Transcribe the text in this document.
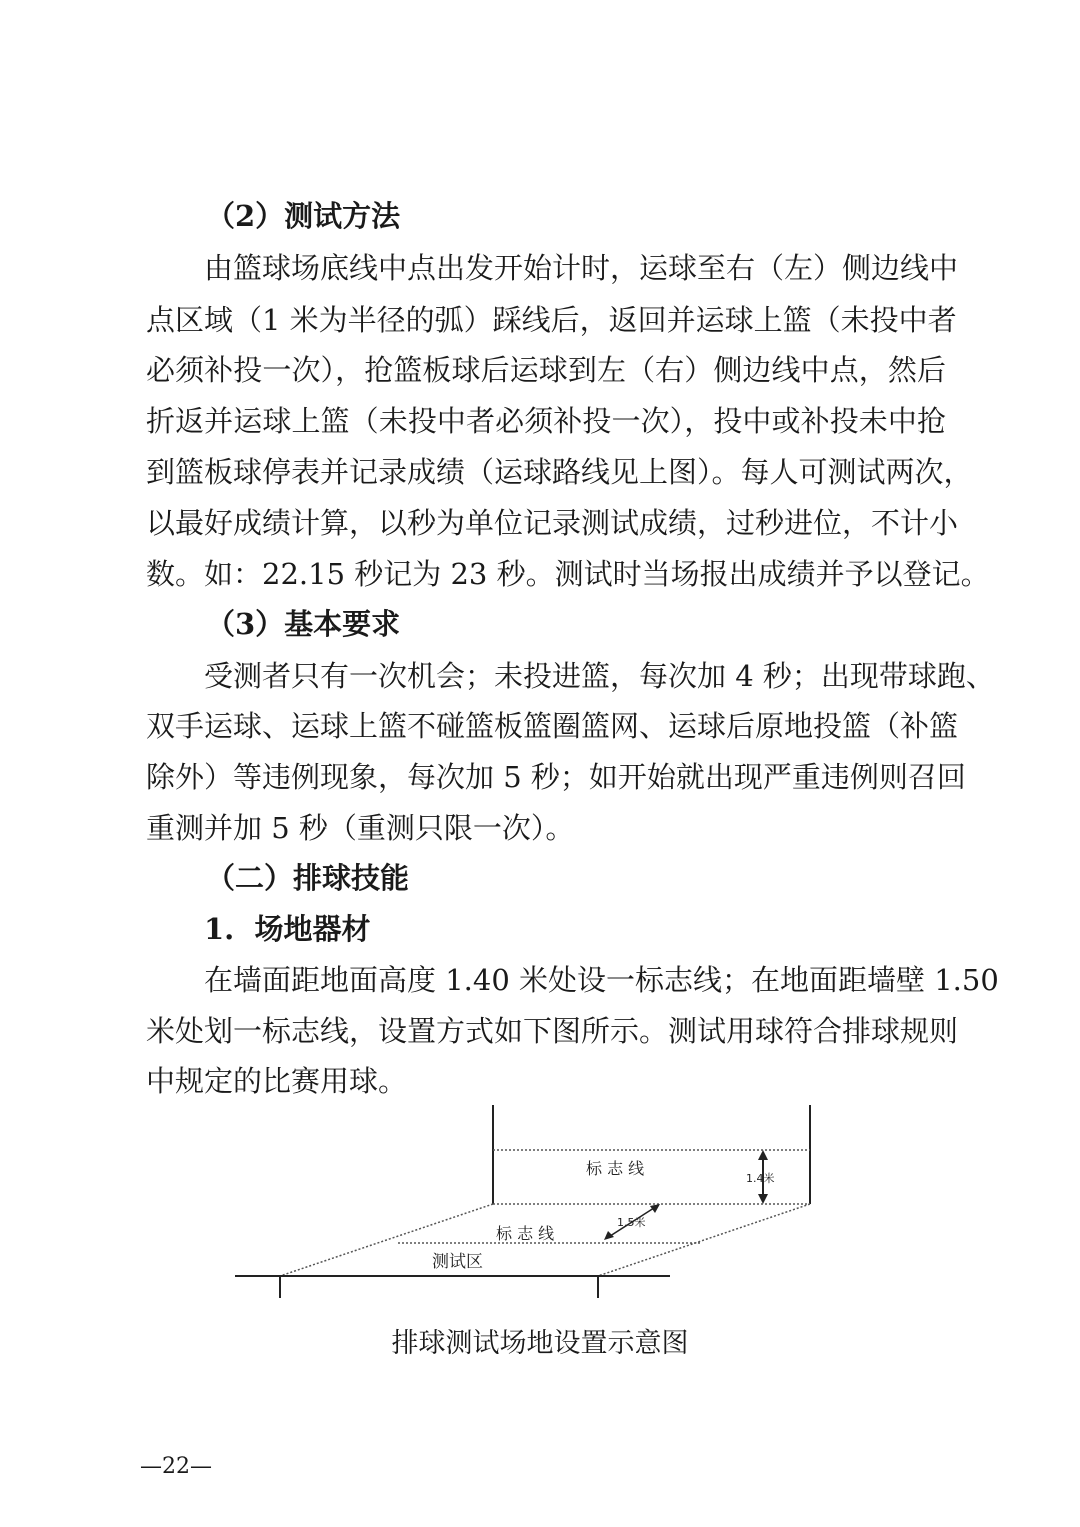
（2）测试方法
由篮球场底线中点出发开始计时，运球至右（左）侧边线中
点区域（1 米为半径的弧）踩线后，返回并运球上篮（未投中者
必须补投一次），抢篮板球后运球到左（右）侧边线中点，然后
折返并运球上篮（未投中者必须补投一次），投中或补投未中抢
到篮板球停表并记录成绩（运球路线见上图）。每人可测试两次，
以最好成绩计算，以秒为单位记录测试成绩，过秒进位，不计小
数。如：22.15 秒记为 23 秒。测试时当场报出成绩并予以登记。
（3）基本要求
受测者只有一次机会；未投进篮，每次加 4 秒；出现带球跑、
双手运球、运球上篮不碰篮板篮圈篮网、运球后原地投篮（补篮
除外）等违例现象，每次加 5 秒；如开始就出现严重违例则召回
重测并加 5 秒（重测只限一次）。
（二）排球技能
1.  场地器材
在墙面距地面高度 1.40 米处设一标志线；在地面距墙壁 1.50
米处划一标志线，设置方式如下图所示。测试用球符合排球规则
中规定的比赛用球。
标 志 线
1.4米
1.5米
标 志 线
测试区
排球测试场地设置示意图
—22—
